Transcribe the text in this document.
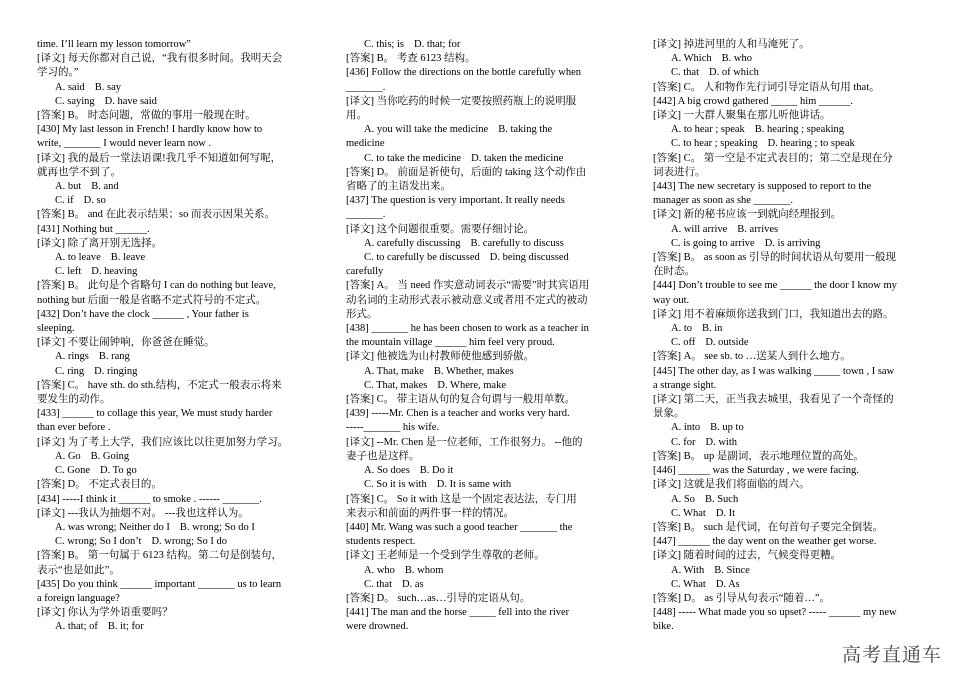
time. I’ll learn my lesson tomorrow”
[译文] 每天你都对自己说，“我有很多时间。我明天会
学习的。”
A. said B. say
C. saying D. have said
[答案] B。 时态问题，常做的事用一般现在时。
[430] My last lesson in French! I hardly know how to
write, _______ I would never learn now .
[译文] 我的最后一堂法语课!我几乎不知道如何写呢，
就再也学不到了。
A. but B. and
C. if D. so
[答案] B。 and 在此表示结果；so 而表示因果关系。
[431] Nothing but ______.
[译文] 除了离开别无选择。
A. to leave B. leave
C. left D. heaving
[答案] B。 此句是个省略句 I can do nothing but leave,
nothing but 后面一般是省略不定式符号的不定式。
[432] Don’t have the clock ______ , Your father is
sleeping.
[译文] 不要让闹钟响，你爸爸在睡觉。
A. rings B. rang
C. ring D. ringing
[答案] C。 have sth. do sth.结构，不定式一般表示将来
要发生的动作。
[433] ______ to collage this year, We must study harder
than ever before .
[译文] 为了考上大学，我们应该比以往更加努力学习。
A. Go B. Going
C. Gone D. To go
[答案] D。 不定式表目的。
[434] -----I think it ______ to smoke . ------ _______.
[译文] ---我认为抽烟不对。 ---我也这样认为。
A. was wrong; Neither do I B. wrong; So do I
C. wrong; So I don’t D. wrong; So I do
[答案] B。 第一句属于 6123 结构。第二句是倒装句，
表示“也是如此”。
[435] Do you think ______ important _______ us to learn
a foreign language?
[译文] 你认为学外语重要吗？
A. that; of B. it; for
C. this; is D. that; for
[答案] B。 考查 6123 结构。
[436] Follow the directions on the bottle carefully when
_______.
[译文] 当你吃药的时候一定要按照药瓶上的说明服
用。
A. you will take the medicine B. taking the
medicine
C. to take the medicine D. taken the medicine
[答案] D。 前面是祈使句，后面的 taking 这个动作由
省略了的主语发出来。
[437] The question is very important. It really needs
_______.
[译文] 这个问题很重要。需要仔细讨论。
A. carefully discussing B. carefully to discuss
C. to carefully be discussed D. being discussed
carefully
[答案] A。 当 need 作实意动词表示“需要”时其宾语用
动名词的主动形式表示被动意义或者用不定式的被动
形式。
[438] _______ he has been chosen to work as a teacher in
the mountain village ______ him feel very proud.
[译文] 他被选为山村教师使他感到骄傲。
A. That, make B. Whether, makes
C. That, makes D. Where, make
[答案] C。 带主语从句的复合句谓与一般用单数。
[439] -----Mr. Chen is a teacher and works very hard.
-----_______ his wife.
[译文] --Mr. Chen 是一位老师，工作很努力。 --他的
妻子也是这样。
A. So does B. Do it
C. So it is with D. It is same with
[答案] C。 So it with 这是一个固定表达法，专门用
来表示和前面的两件事一样的情况。
[440] Mr. Wang was such a good teacher _______ the
students respect.
[译文] 王老师是一个受到学生尊敬的老师。
A. who B. whom
C. that D. as
[答案] D。 such…as…引导的定语从句。
[441] The man and the horse _____ fell into the river
were drowned.
[译文] 掉进河里的人和马淹死了。
A. Which B. who
C. that D. of which
[答案] C。 人和物作先行词引导定语从句用 that。
[442] A big crowd gathered _____ him ______.
[译文] 一大群人聚集在那儿听他讲话。
A. to hear ; speak B. hearing ; speaking
C. to hear ; speaking D. hearing ; to speak
[答案] C。 第一空是不定式表目的；第二空是现在分
词表进行。
[443] The new secretary is supposed to report to the
manager as soon as she _______.
[译文] 新的秘书应该一到就向经理报到。
A. will arrive B. arrives
C. is going to arrive D. is arriving
[答案] B。 as soon as 引导的时间状语从句要用一般现
在时态。
[444] Don’t trouble to see me ______ the door I know my
way out.
[译文] 用不着麻烦你送我到门口，我知道出去的路。
A. to B. in
C. off D. outside
[答案] A。 see sb. to …送某人到什么地方。
[445] The other day, as I was walking _____ town , I saw
a strange sight.
[译文] 第二天，正当我去城里，我看见了一个奇怪的
景象。
A. into B. up to
C. for D. with
[答案] B。 up 是副词，表示地理位置的高处。
[446] ______ was the Saturday , we were facing.
[译文] 这就是我们将面临的周六。
A. So B. Such
C. What D. It
[答案] B。 such 是代词，在句首句子要完全倒装。
[447] ______ the day went on the weather get worse.
[译文] 随着时间的过去，气候变得更糟。
A. With B. Since
C. What D. As
[答案] D。 as 引导从句表示“随着…”。
[448] ----- What made you so upset? ----- ______ my new
bike.
高考直通车
